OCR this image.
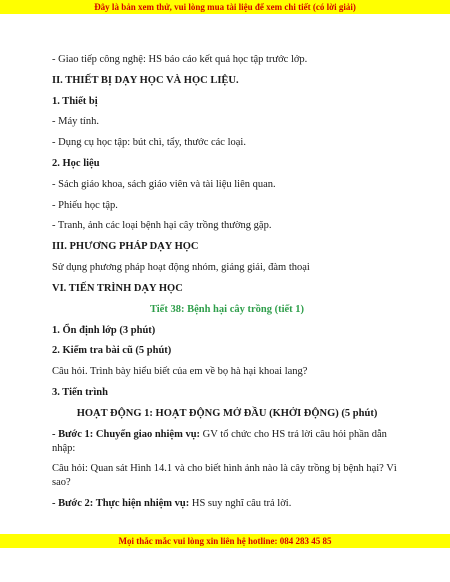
Đây là bản xem thử, vui lòng mua tài liệu để xem chi tiết (có lời giải)
- Giao tiếp công nghệ: HS báo cáo kết quả học tập trước lớp.
II. THIẾT BỊ DẠY HỌC VÀ HỌC LIỆU.
1. Thiết bị
- Máy tính.
- Dụng cụ học tập: bút chì, tẩy, thước các loại.
2. Học liệu
- Sách giáo khoa, sách giáo viên và tài liệu liên quan.
- Phiếu học tập.
- Tranh, ảnh các loại bệnh hại cây trồng thường gặp.
III. PHƯƠNG PHÁP DẠY HỌC
Sử dụng phương pháp hoạt động nhóm, giảng giải, đàm thoại
VI. TIẾN TRÌNH DẠY HỌC
Tiết 38: Bệnh hại cây trồng (tiết 1)
1. Ổn định lớp (3 phút)
2. Kiểm tra bài cũ (5 phút)
Câu hỏi. Trình bày hiểu biết của em về bọ hà hại khoai lang?
3. Tiến trình
HOẠT ĐỘNG 1: HOẠT ĐỘNG MỞ ĐẦU (KHỞI ĐỘNG) (5 phút)
- Bước 1: Chuyển giao nhiệm vụ: GV tổ chức cho HS trả lời câu hỏi phần dẫn nhập:
Câu hỏi: Quan sát Hình 14.1 và cho biết hình ảnh nào là cây trồng bị bệnh hại? Vì sao?
- Bước 2: Thực hiện nhiệm vụ: HS suy nghĩ câu trả lời.
Mọi thắc mắc vui lòng xin liên hệ hotline: 084 283 45 85
